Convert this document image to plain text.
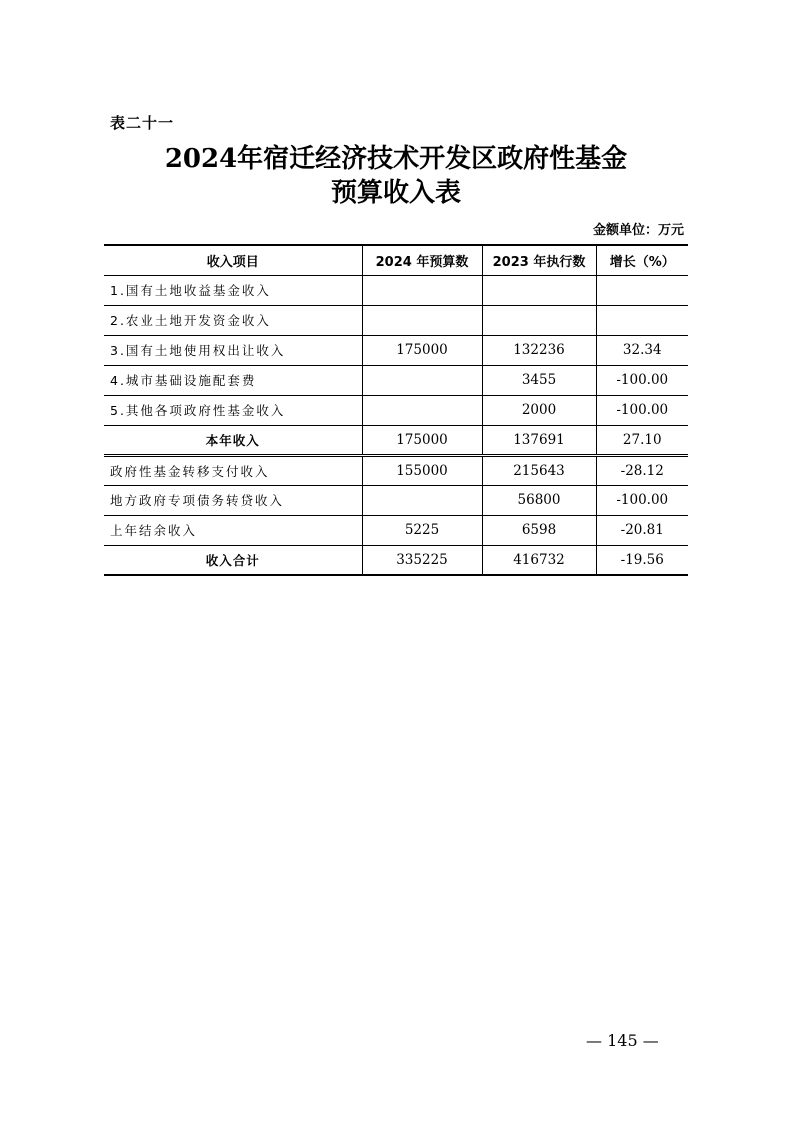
表二十一
2024年宿迁经济技术开发区政府性基金
预算收入表
金额单位：万元
收入项目	2024 年预算数	2023 年执行数	增长（%）
1.国有土地收益基金收入			
2.农业土地开发资金收入			
3.国有土地使用权出让收入	175000	132236	32.34
4.城市基础设施配套费		3455	-100.00
5.其他各项政府性基金收入		2000	-100.00
本年收入	175000	137691	27.10
政府性基金转移支付收入	155000	215643	-28.12
地方政府专项债务转贷收入		56800	-100.00
上年结余收入	5225	6598	-20.81
收入合计	335225	416732	-19.56
— 145 —
